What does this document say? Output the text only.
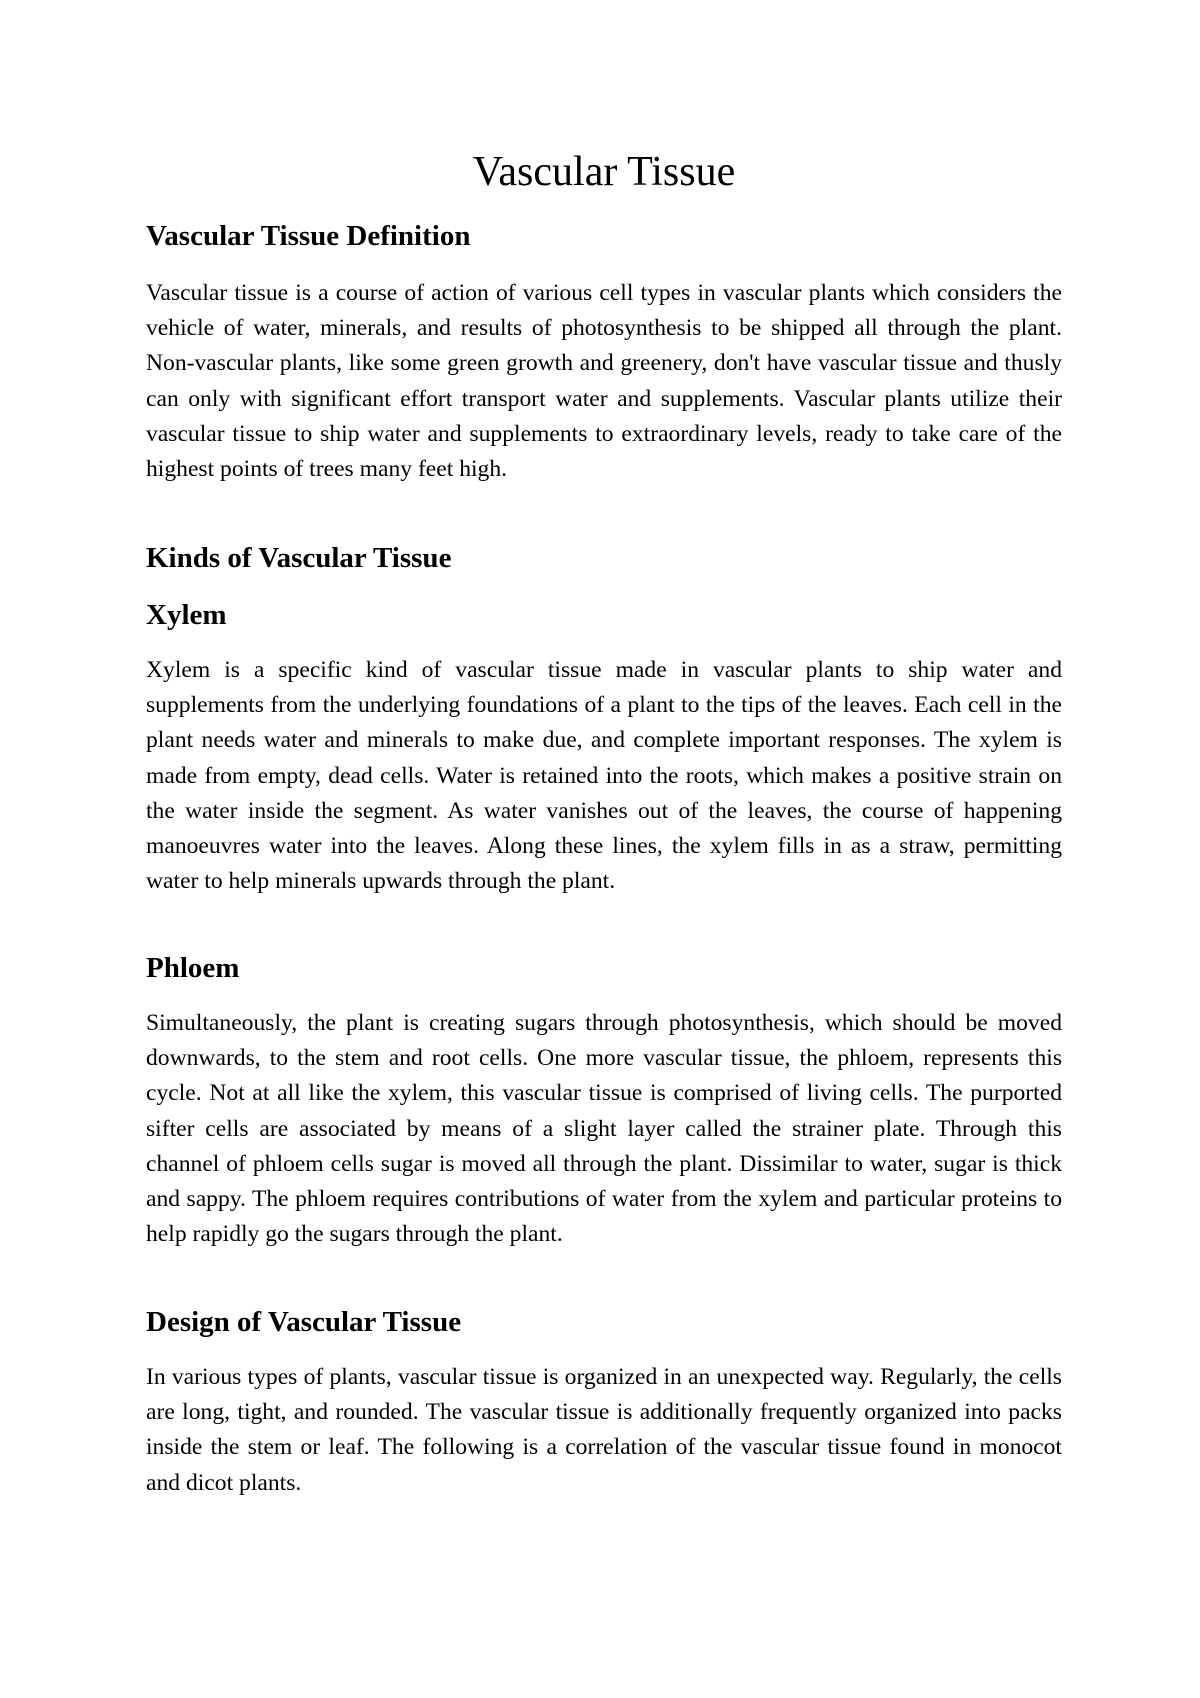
Vascular Tissue
Vascular Tissue Definition

Vascular tissue is a course of action of various cell types in vascular plants which considers the vehicle of water, minerals, and results of photosynthesis to be shipped all through the plant. Non-vascular plants, like some green growth and greenery, don't have vascular tissue and thusly can only with significant effort transport water and supplements. Vascular plants utilize their vascular tissue to ship water and supplements to extraordinary levels, ready to take care of the highest points of trees many feet high.

Kinds of Vascular Tissue
Xylem

Xylem is a specific kind of vascular tissue made in vascular plants to ship water and supplements from the underlying foundations of a plant to the tips of the leaves. Each cell in the plant needs water and minerals to make due, and complete important responses. The xylem is made from empty, dead cells. Water is retained into the roots, which makes a positive strain on the water inside the segment. As water vanishes out of the leaves, the course of happening manoeuvres water into the leaves. Along these lines, the xylem fills in as a straw, permitting water to help minerals upwards through the plant.

Phloem

Simultaneously, the plant is creating sugars through photosynthesis, which should be moved downwards, to the stem and root cells. One more vascular tissue, the phloem, represents this cycle. Not at all like the xylem, this vascular tissue is comprised of living cells. The purported sifter cells are associated by means of a slight layer called the strainer plate. Through this channel of phloem cells sugar is moved all through the plant. Dissimilar to water, sugar is thick and sappy. The phloem requires contributions of water from the xylem and particular proteins to help rapidly go the sugars through the plant.

Design of Vascular Tissue

In various types of plants, vascular tissue is organized in an unexpected way. Regularly, the cells are long, tight, and rounded. The vascular tissue is additionally frequently organized into packs inside the stem or leaf. The following is a correlation of the vascular tissue found in monocot and dicot plants.
